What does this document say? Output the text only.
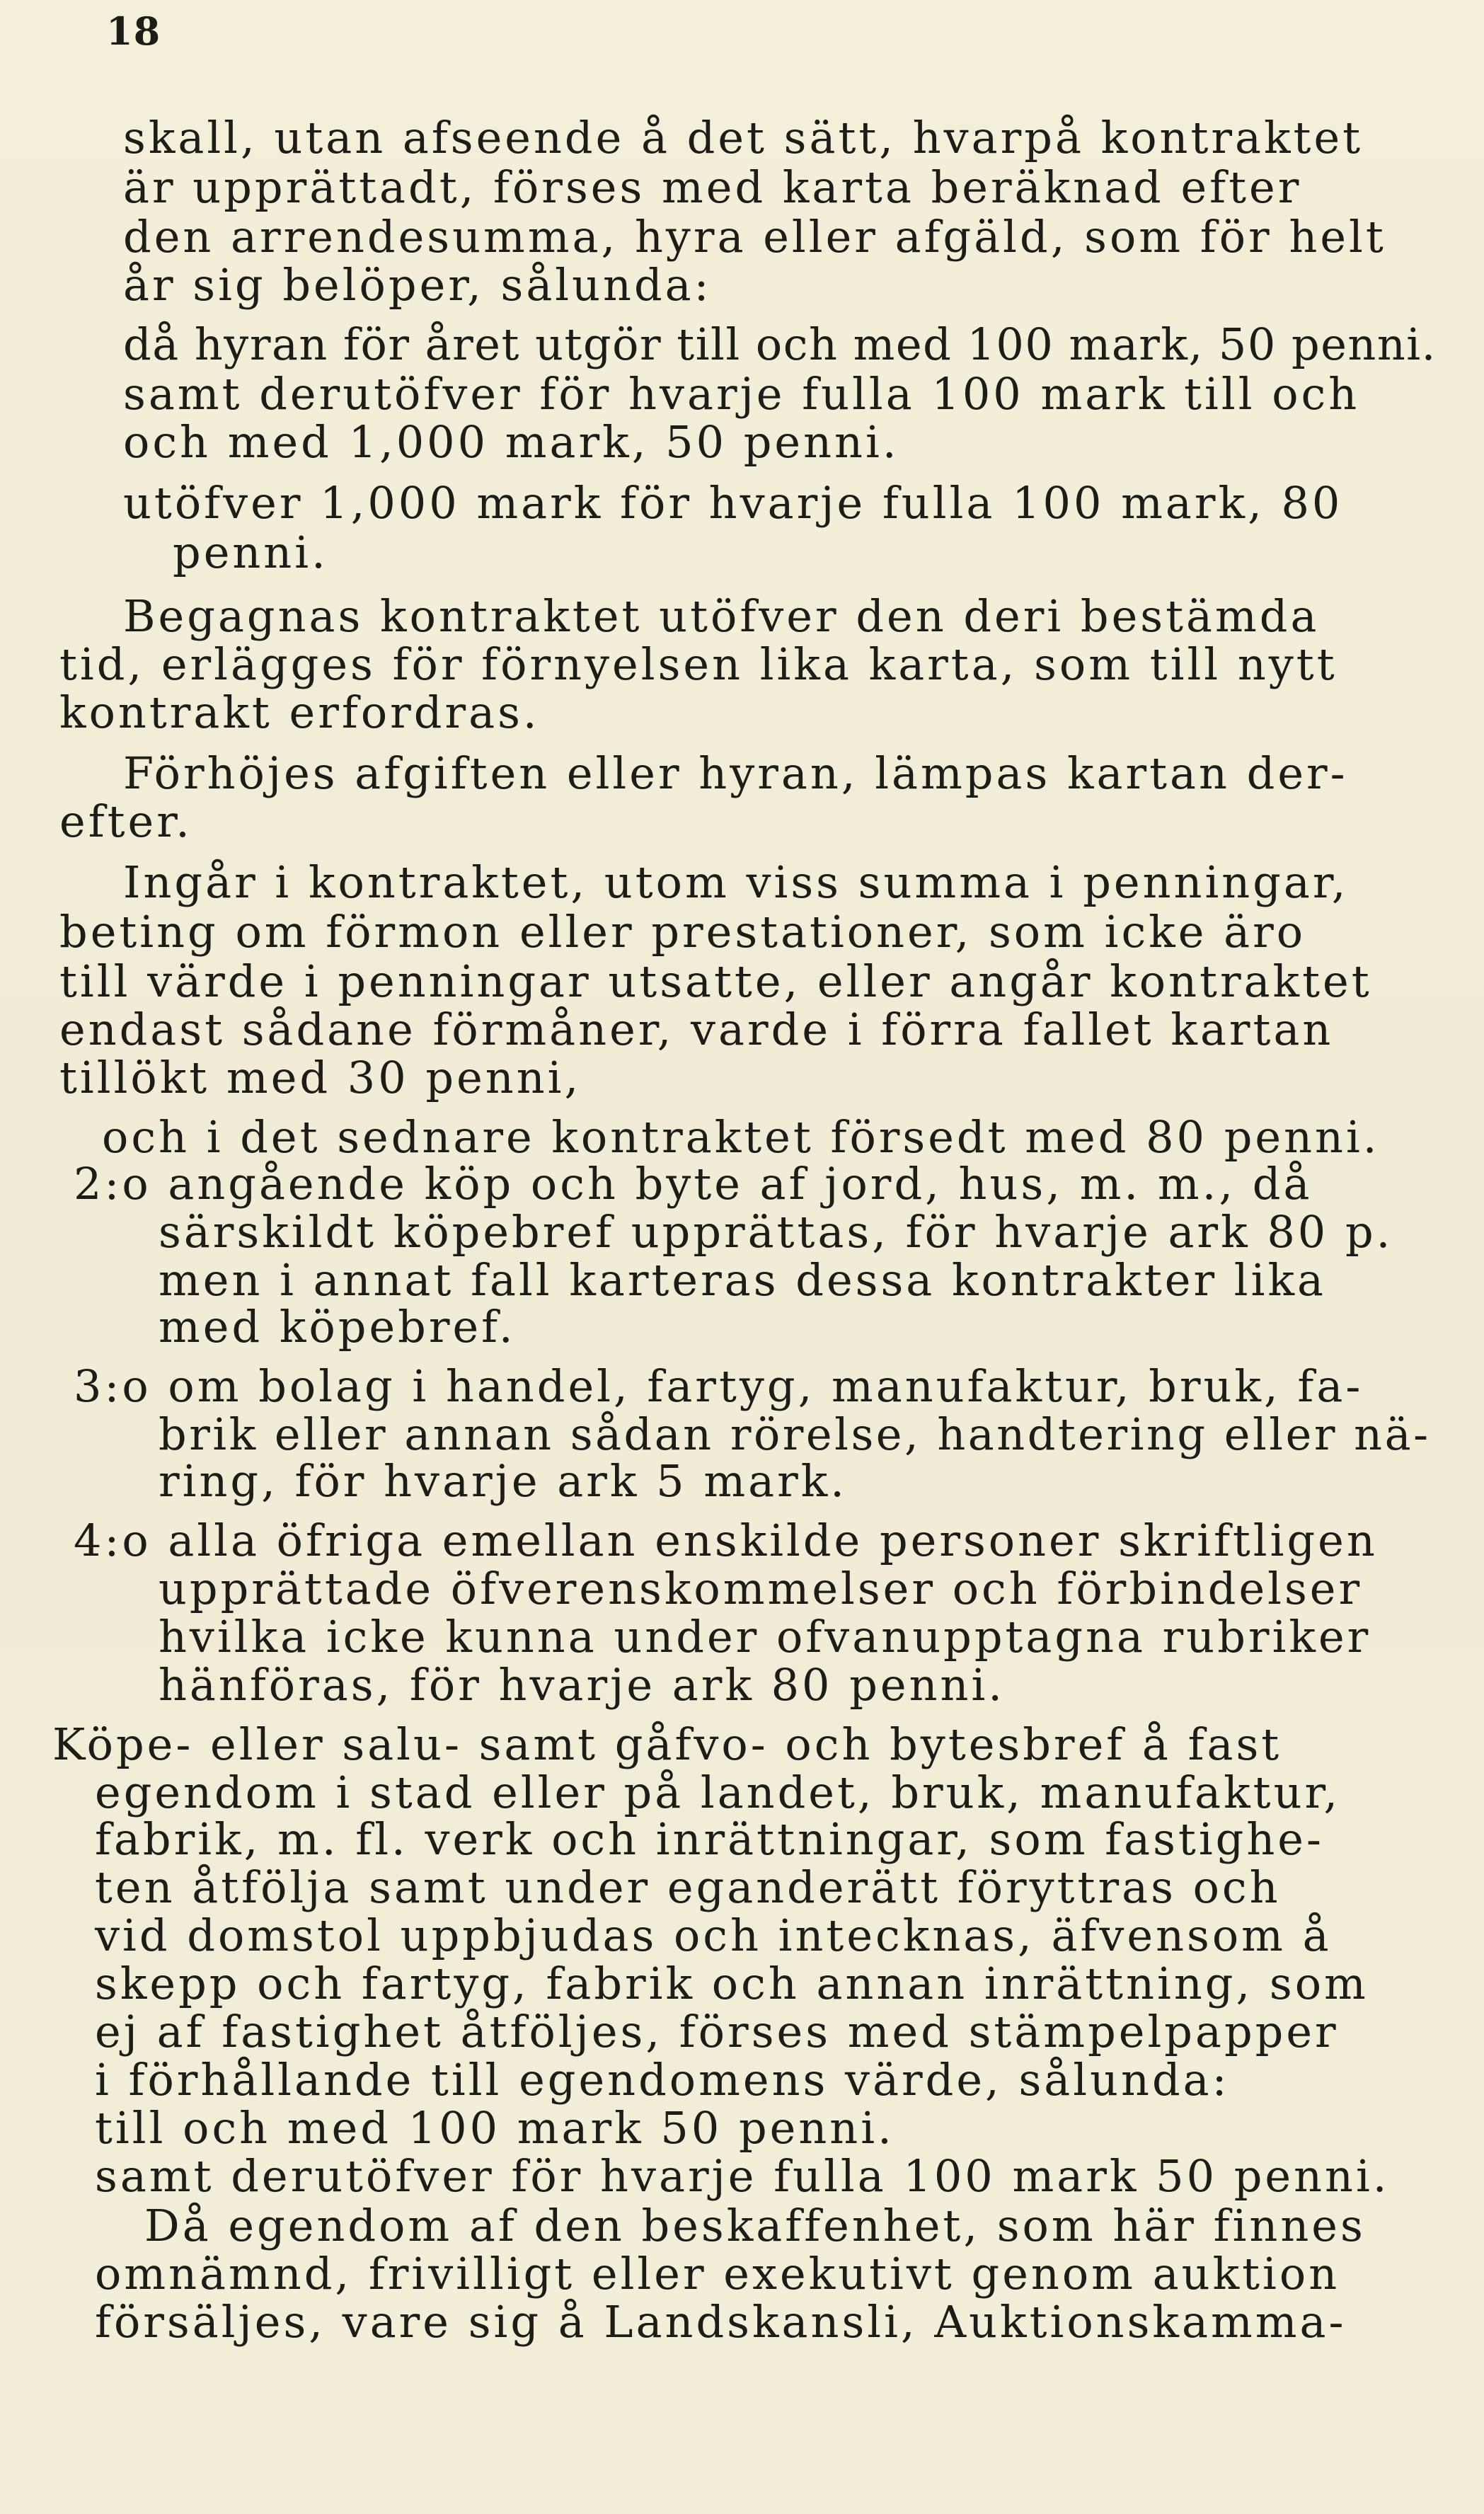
18
skall, utan afseende å det sätt, hvarpå kontraktet
är upprättadt, förses med karta beräknad efter
den arrendesumma, hyra eller afgäld, som för helt
år sig belöper, sålunda:
då hyran för året utgör till och med 100 mark, 50 penni.
samt derutöfver för hvarje fulla 100 mark till och
och med 1,000 mark, 50 penni.
utöfver 1,000 mark för hvarje fulla 100 mark, 80
penni.
Begagnas kontraktet utöfver den deri bestämda
tid, erlägges för förnyelsen lika karta, som till nytt
kontrakt erfordras.
Förhöjes afgiften eller hyran, lämpas kartan der-
efter.
Ingår i kontraktet, utom viss summa i penningar,
beting om förmon eller prestationer, som icke äro
till värde i penningar utsatte, eller angår kontraktet
endast sådane förmåner, varde i förra fallet kartan
tillökt med 30 penni,
och i det sednare kontraktet försedt med 80 penni.
2:o angående köp och byte af jord, hus, m. m., då
särskildt köpebref upprättas, för hvarje ark 80 p.
men i annat fall karteras dessa kontrakter lika
med köpebref.
3:o om bolag i handel, fartyg, manufaktur, bruk, fa-
brik eller annan sådan rörelse, handtering eller nä-
ring, för hvarje ark 5 mark.
4:o alla öfriga emellan enskilde personer skriftligen
upprättade öfverenskommelser och förbindelser
hvilka icke kunna under ofvanupptagna rubriker
hänföras, för hvarje ark 80 penni.
Köpe- eller salu- samt gåfvo- och bytesbref å fast
egendom i stad eller på landet, bruk, manufaktur,
fabrik, m. fl. verk och inrättningar, som fastighe-
ten åtfölja samt under eganderätt föryttras och
vid domstol uppbjudas och intecknas, äfvensom å
skepp och fartyg, fabrik och annan inrättning, som
ej af fastighet åtföljes, förses med stämpelpapper
i förhållande till egendomens värde, sålunda:
till och med 100 mark 50 penni.
samt derutöfver för hvarje fulla 100 mark 50 penni.
Då egendom af den beskaffenhet, som här finnes
omnämnd, frivilligt eller exekutivt genom auktion
försäljes, vare sig å Landskansli, Auktionskamma-
